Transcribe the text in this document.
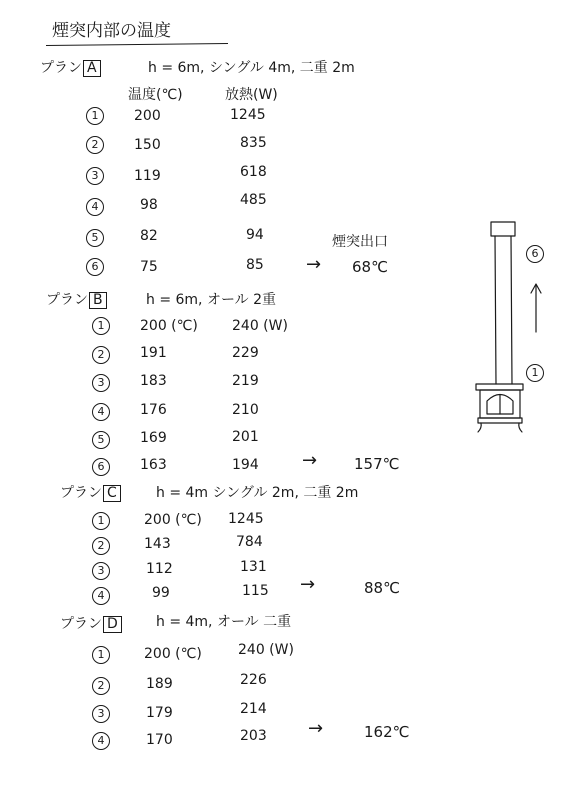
煙突内部の温度
プラン A	h = 6m, シングル 4m, 二重 2m
温度(℃)	放熱(W)
1	200	1245
2	150	835
3	119	618
4	98	485
5	82	94
6	75	85
煙突出口
→ 68℃
プラン B	h = 6m, オール 2重
1	200 (℃) 240 (W)
2	191	229
3	183	219
4	176	210
5	169	201
6	163	194 → 157℃
プラン C	h = 4m シングル 2m, 二重 2m
1	200 (℃) 1245
2	143	784
3	112	131
4	99	115 →	88℃
プラン D	h = 4m, オール 二重
1	200 (℃)	240 (W)
2	189	226
3	179	214
4	170	203 →	162℃
6
1
